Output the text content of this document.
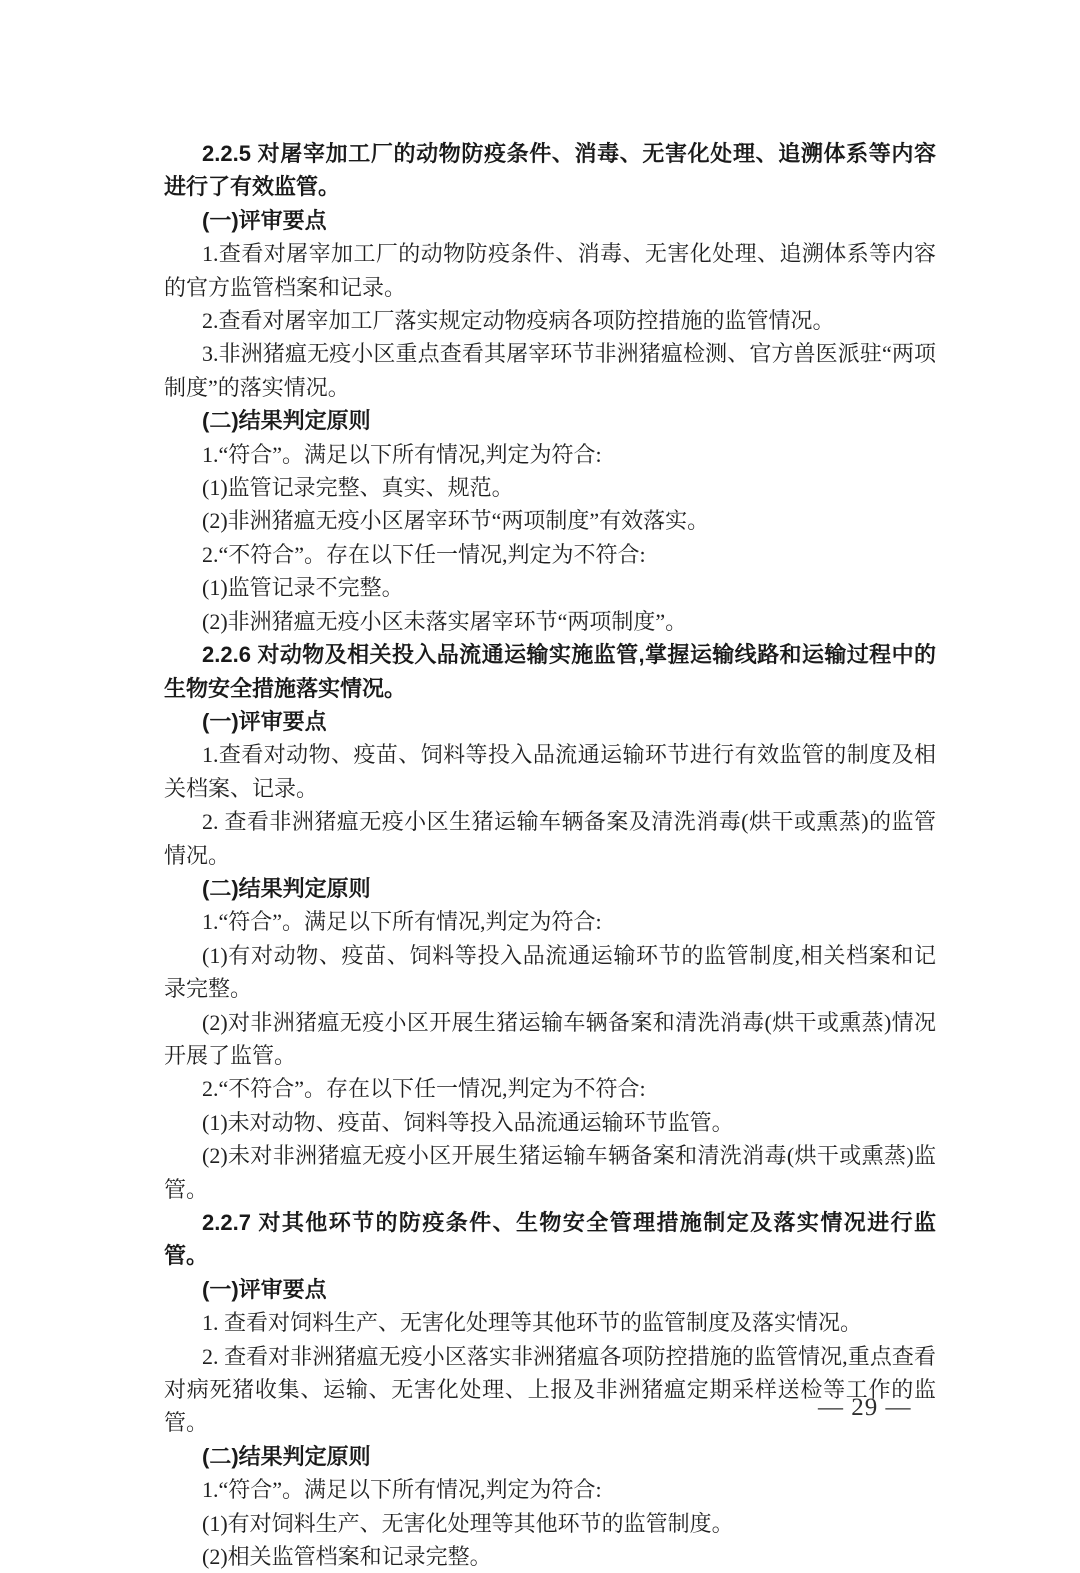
2.2.5 对屠宰加工厂的动物防疫条件、消毒、无害化处理、追溯体系等内容进行了有效监管。

(一)评审要点

1.查看对屠宰加工厂的动物防疫条件、消毒、无害化处理、追溯体系等内容的官方监管档案和记录。

2.查看对屠宰加工厂落实规定动物疫病各项防控措施的监管情况。

3.非洲猪瘟无疫小区重点查看其屠宰环节非洲猪瘟检测、官方兽医派驻“两项制度”的落实情况。

(二)结果判定原则

1.“符合”。满足以下所有情况,判定为符合:

(1)监管记录完整、真实、规范。

(2)非洲猪瘟无疫小区屠宰环节“两项制度”有效落实。

2.“不符合”。存在以下任一情况,判定为不符合:

(1)监管记录不完整。

(2)非洲猪瘟无疫小区未落实屠宰环节“两项制度”。

2.2.6 对动物及相关投入品流通运输实施监管,掌握运输线路和运输过程中的生物安全措施落实情况。

(一)评审要点

1.查看对动物、疫苗、饲料等投入品流通运输环节进行有效监管的制度及相关档案、记录。

2. 查看非洲猪瘟无疫小区生猪运输车辆备案及清洗消毒(烘干或熏蒸)的监管情况。

(二)结果判定原则

1.“符合”。满足以下所有情况,判定为符合:

(1)有对动物、疫苗、饲料等投入品流通运输环节的监管制度,相关档案和记录完整。

(2)对非洲猪瘟无疫小区开展生猪运输车辆备案和清洗消毒(烘干或熏蒸)情况开展了监管。

2.“不符合”。存在以下任一情况,判定为不符合:

(1)未对动物、疫苗、饲料等投入品流通运输环节监管。

(2)未对非洲猪瘟无疫小区开展生猪运输车辆备案和清洗消毒(烘干或熏蒸)监管。

2.2.7 对其他环节的防疫条件、生物安全管理措施制定及落实情况进行监管。

(一)评审要点

1. 查看对饲料生产、无害化处理等其他环节的监管制度及落实情况。

2. 查看对非洲猪瘟无疫小区落实非洲猪瘟各项防控措施的监管情况,重点查看对病死猪收集、运输、无害化处理、上报及非洲猪瘟定期采样送检等工作的监管。

(二)结果判定原则

1.“符合”。满足以下所有情况,判定为符合:

(1)有对饲料生产、无害化处理等其他环节的监管制度。

(2)相关监管档案和记录完整。

— 29 —
